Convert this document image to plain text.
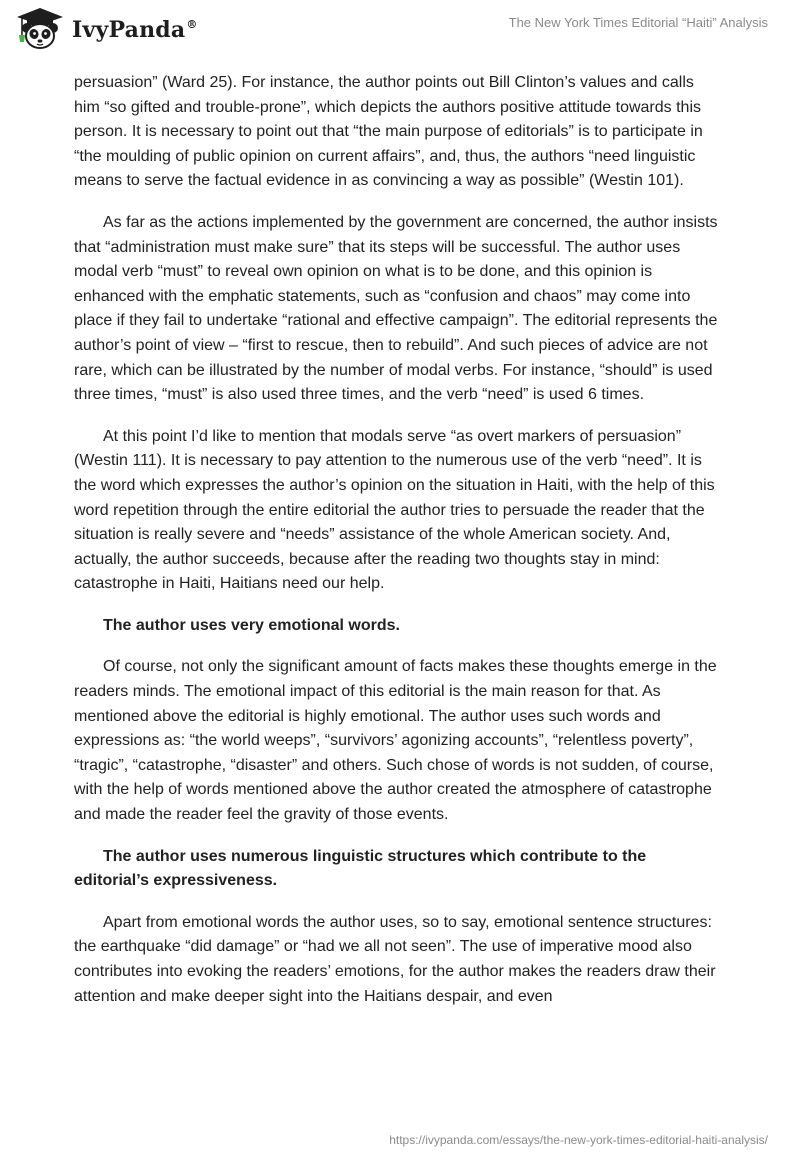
IvyPanda®	The New York Times Editorial “Haiti” Analysis

persuasion” (Ward 25). For instance, the author points out Bill Clinton’s values and calls him “so gifted and trouble-prone”, which depicts the authors positive attitude towards this person. It is necessary to point out that “the main purpose of editorials” is to participate in “the moulding of public opinion on current affairs”, and, thus, the authors “need linguistic means to serve the factual evidence in as convincing a way as possible” (Westin 101).

As far as the actions implemented by the government are concerned, the author insists that “administration must make sure” that its steps will be successful. The author uses modal verb “must” to reveal own opinion on what is to be done, and this opinion is enhanced with the emphatic statements, such as “confusion and chaos” may come into place if they fail to undertake “rational and effective campaign”. The editorial represents the author’s point of view – “first to rescue, then to rebuild”. And such pieces of advice are not rare, which can be illustrated by the number of modal verbs. For instance, “should” is used three times, “must” is also used three times, and the verb “need” is used 6 times.

At this point I’d like to mention that modals serve “as overt markers of persuasion” (Westin 111). It is necessary to pay attention to the numerous use of the verb “need”. It is the word which expresses the author’s opinion on the situation in Haiti, with the help of this word repetition through the entire editorial the author tries to persuade the reader that the situation is really severe and “needs” assistance of the whole American society. And, actually, the author succeeds, because after the reading two thoughts stay in mind: catastrophe in Haiti, Haitians need our help.

The author uses very emotional words.

Of course, not only the significant amount of facts makes these thoughts emerge in the readers minds. The emotional impact of this editorial is the main reason for that. As mentioned above the editorial is highly emotional. The author uses such words and expressions as: “the world weeps”, “survivors’ agonizing accounts”, “relentless poverty”, “tragic”, “catastrophe, “disaster” and others. Such chose of words is not sudden, of course, with the help of words mentioned above the author created the atmosphere of catastrophe and made the reader feel the gravity of those events.

The author uses numerous linguistic structures which contribute to the editorial’s expressiveness.

Apart from emotional words the author uses, so to say, emotional sentence structures: the earthquake “did damage” or “had we all not seen”. The use of imperative mood also contributes into evoking the readers’ emotions, for the author makes the readers draw their attention and make deeper sight into the Haitians despair, and even

https://ivypanda.com/essays/the-new-york-times-editorial-haiti-analysis/
